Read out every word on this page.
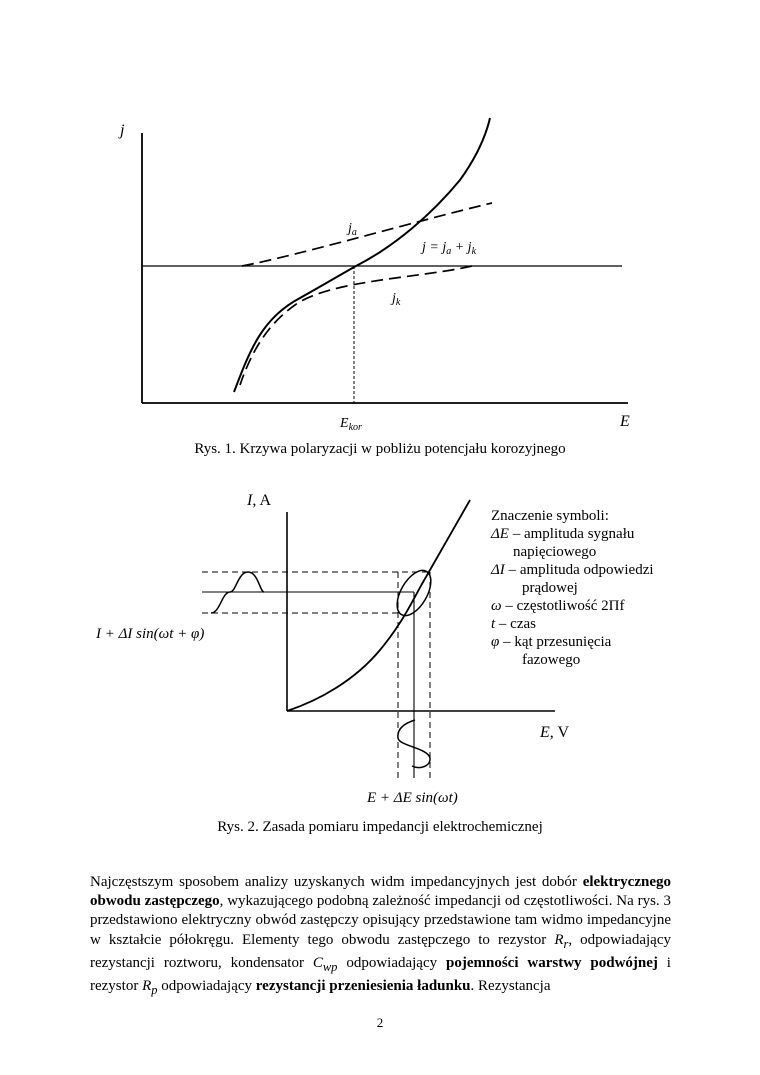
j
E
$j_a$
$j = j_a + j_k$
$j_k$
$E_{kor}$
Rys. 1. Krzywa polaryzacji w pobliżu potencjału korozyjnego
I, A
E, V
I + ΔI sin(ωt + φ)
E + ΔE sin(ωt)
Znaczenie symboli:
ΔE – amplituda sygnału
napięciowego
ΔI – amplituda odpowiedzi
prądowej
ω – częstotliwość 2Πf
t – czas
φ – kąt przesunięcia
fazowego
Rys. 2. Zasada pomiaru impedancji elektrochemicznej

Najczęstszym sposobem analizy uzyskanych widm impedancyjnych jest dobór elektrycznego obwodu zastępczego, wykazującego podobną zależność impedancji od częstotliwości. Na rys. 3 przedstawiono elektryczny obwód zastępczy opisujący przedstawione tam widmo impedancyjne w kształcie półokręgu. Elementy tego obwodu zastępczego to rezystor $R_r$, odpowiadający rezystancji roztworu, kondensator $C_{wp}$ odpowiadający pojemności warstwy podwójnej i rezystor $R_p$ odpowiadający rezystancji przeniesienia ładunku. Rezystancja

2
